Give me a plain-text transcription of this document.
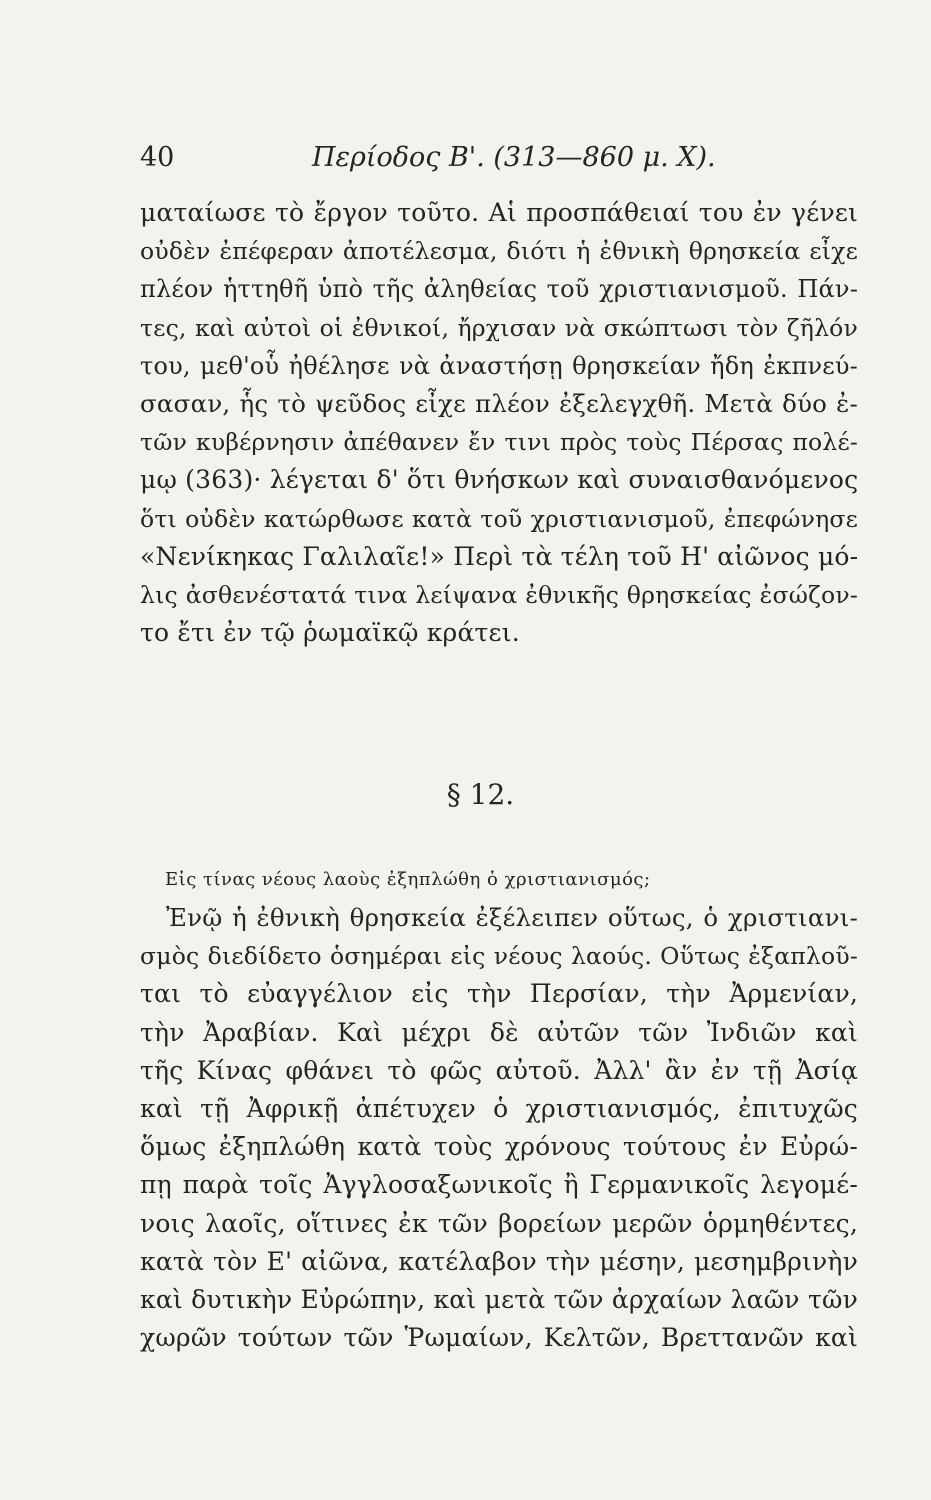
40	Περίοδος Β'. (313—860 μ. Χ).
ματαίωσε τὸ ἔργον τοῦτο. Αἱ προσπάθειαί του ἐν γένει
οὐδὲν ἐπέφεραν ἀποτέλεσμα, διότι ἡ ἐθνικὴ θρησκεία εἶχε
πλέον ἡττηθῆ ὑπὸ τῆς ἀληθείας τοῦ χριστιανισμοῦ. Πάν-
τες, καὶ αὐτοὶ οἱ ἐθνικοί, ἤρχισαν νὰ σκώπτωσι τὸν ζῆλόν
του, μεθ'οὗ ἠθέλησε νὰ ἀναστήσῃ θρησκείαν ἤδη ἐκπνεύ-
σασαν, ἧς τὸ ψεῦδος εἶχε πλέον ἐξελεγχθῆ. Μετὰ δύο ἐ-
τῶν κυβέρνησιν ἀπέθανεν ἔν τινι πρὸς τοὺς Πέρσας πολέ-
μῳ (363)· λέγεται δ' ὅτι θνήσκων καὶ συναισθανόμενος
ὅτι οὐδὲν κατώρθωσε κατὰ τοῦ χριστιανισμοῦ, ἐπεφώνησε
«Νενίκηκας Γαλιλαῖε!» Περὶ τὰ τέλη τοῦ Η' αἰῶνος μό-
λις ἀσθενέστατά τινα λείψανα ἐθνικῆς θρησκείας ἐσώζον-
το ἔτι ἐν τῷ ῥωμαϊκῷ κράτει.
§ 12.
Εἰς τίνας νέους λαοὺς ἐξηπλώθη ὁ χριστιανισμός;
Ἐνῷ ἡ ἐθνικὴ θρησκεία ἐξέλειπεν οὕτως, ὁ χριστιανι-
σμὸς διεδίδετο ὁσημέραι εἰς νέους λαούς. Οὕτως ἐξαπλοῦ-
ται τὸ εὐαγγέλιον εἰς τὴν Περσίαν, τὴν Ἀρμενίαν,
τὴν Ἀραβίαν. Καὶ μέχρι δὲ αὐτῶν τῶν Ἰνδιῶν καὶ
τῆς Κίνας φθάνει τὸ φῶς αὐτοῦ. Ἀλλ' ἂν ἐν τῇ Ἀσίᾳ
καὶ τῇ Ἀφρικῇ ἀπέτυχεν ὁ χριστιανισμός, ἐπιτυχῶς
ὅμως ἐξηπλώθη κατὰ τοὺς χρόνους τούτους ἐν Εὐρώ-
πῃ παρὰ τοῖς Ἀγγλοσαξωνικοῖς ἢ Γερμανικοῖς λεγομέ-
νοις λαοῖς, οἵτινες ἐκ τῶν βορείων μερῶν ὁρμηθέντες,
κατὰ τὸν Ε' αἰῶνα, κατέλαβον τὴν μέσην, μεσημβρινὴν
καὶ δυτικὴν Εὐρώπην, καὶ μετὰ τῶν ἀρχαίων λαῶν τῶν
χωρῶν τούτων τῶν Ῥωμαίων, Κελτῶν, Βρεττανῶν καὶ
